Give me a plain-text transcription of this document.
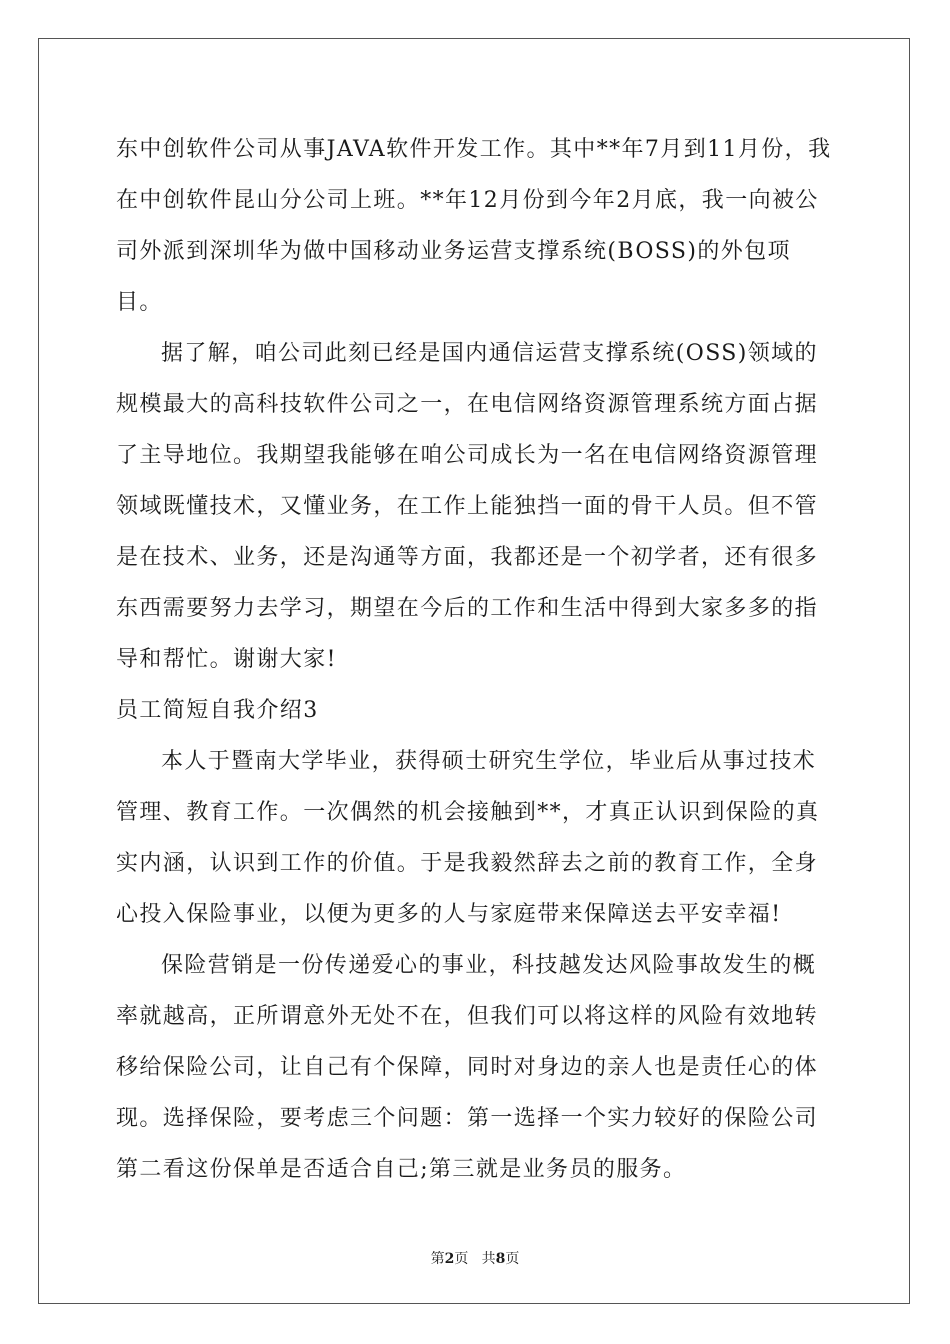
东中创软件公司从事JAVA软件开发工作。其中**年7月到11月份，我在中创软件昆山分公司上班。**年12月份到今年2月底，我一向被公司外派到深圳华为做中国移动业务运营支撑系统(BOSS)的外包项目。

据了解，咱公司此刻已经是国内通信运营支撑系统(OSS)领域的规模最大的高科技软件公司之一，在电信网络资源管理系统方面占据了主导地位。我期望我能够在咱公司成长为一名在电信网络资源管理领域既懂技术，又懂业务，在工作上能独挡一面的骨干人员。但不管是在技术、业务，还是沟通等方面，我都还是一个初学者，还有很多东西需要努力去学习，期望在今后的工作和生活中得到大家多多的指导和帮忙。谢谢大家!

员工简短自我介绍3

本人于暨南大学毕业，获得硕士研究生学位，毕业后从事过技术管理、教育工作。一次偶然的机会接触到**，才真正认识到保险的真实内涵，认识到工作的价值。于是我毅然辞去之前的教育工作，全身心投入保险事业，以便为更多的人与家庭带来保障送去平安幸福!

保险营销是一份传递爱心的事业，科技越发达风险事故发生的概率就越高，正所谓意外无处不在，但我们可以将这样的风险有效地转移给保险公司，让自己有个保障，同时对身边的亲人也是责任心的体现。选择保险，要考虑三个问题：第一选择一个实力较好的保险公司第二看这份保单是否适合自己;第三就是业务员的服务。

第2页   共8页
